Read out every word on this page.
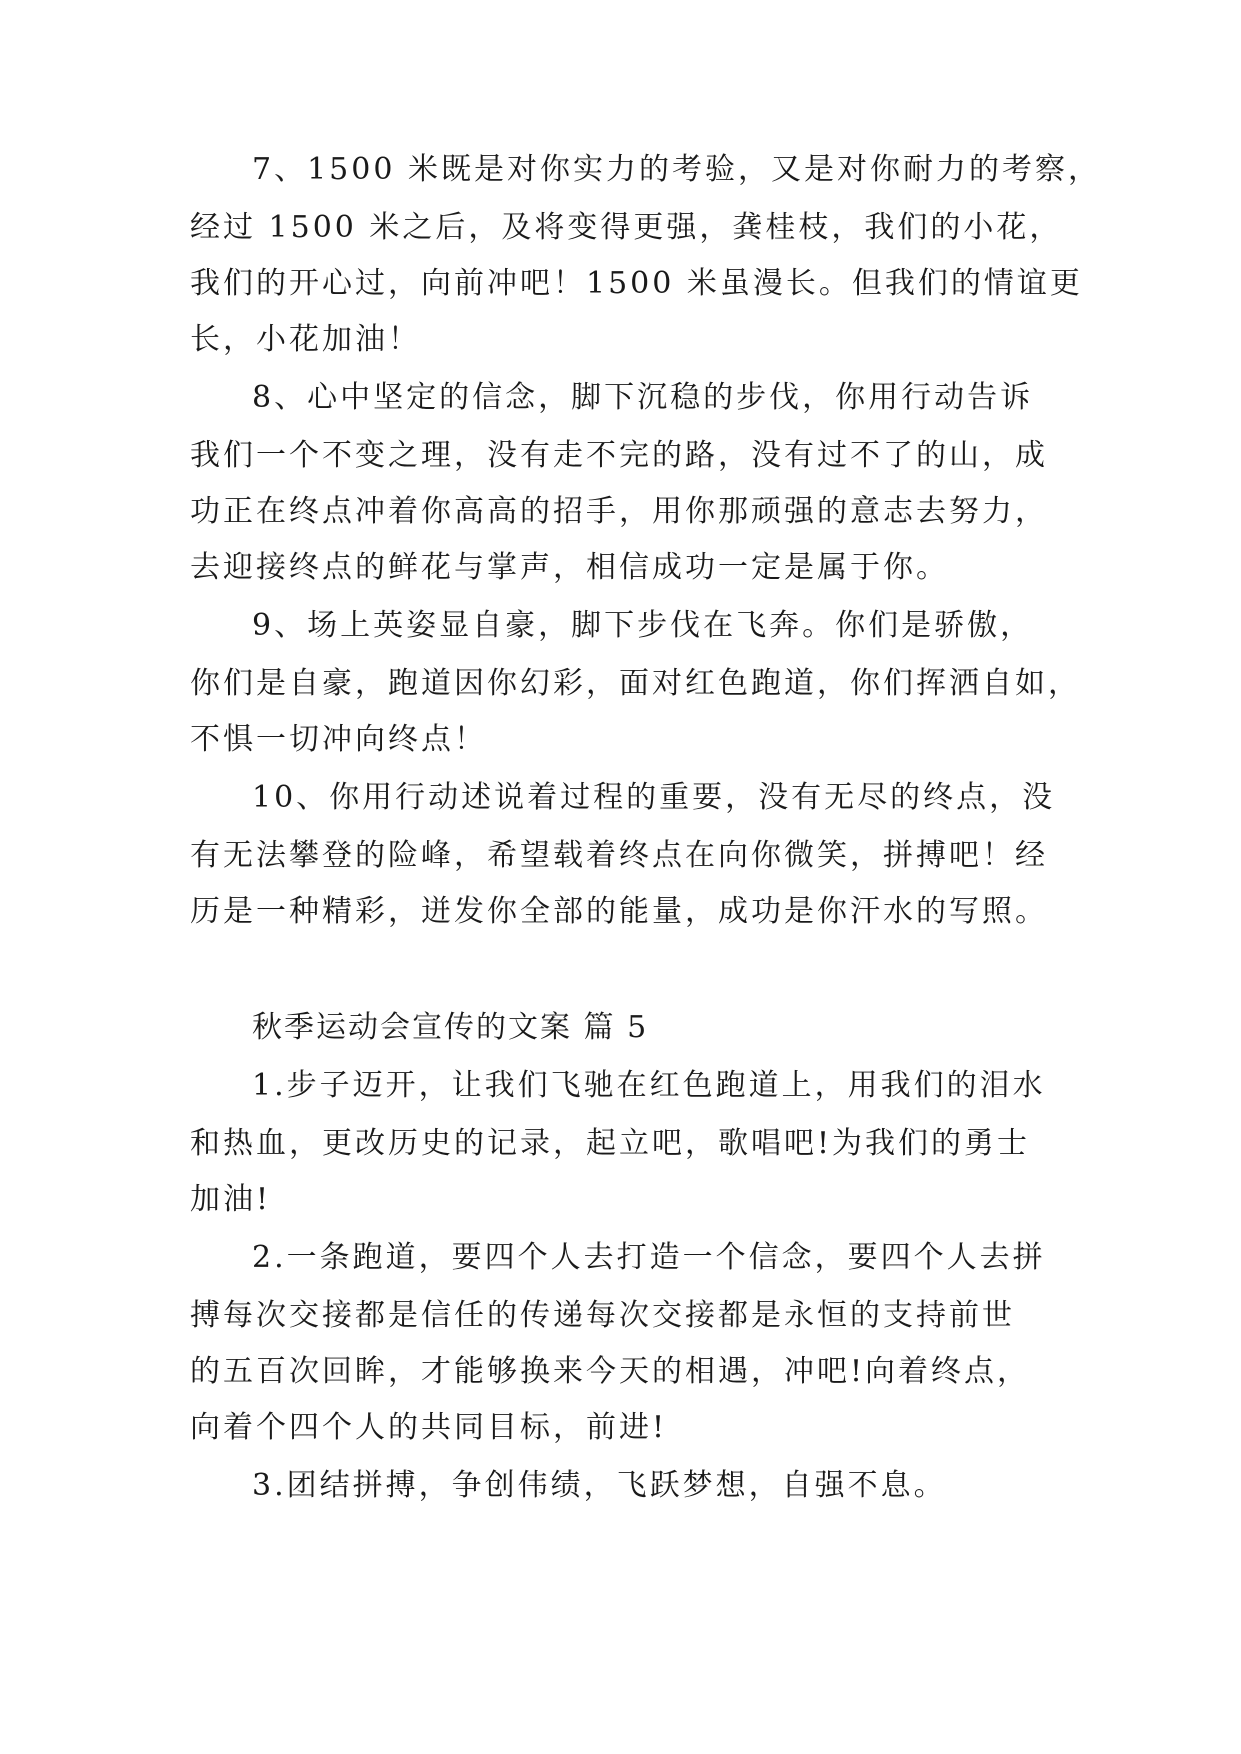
7、1500 米既是对你实力的考验，又是对你耐力的考察，
经过 1500 米之后，及将变得更强，龚桂枝，我们的小花，
我们的开心过，向前冲吧！1500 米虽漫长。但我们的情谊更
长，小花加油！
8、心中坚定的信念，脚下沉稳的步伐，你用行动告诉
我们一个不变之理，没有走不完的路，没有过不了的山，成
功正在终点冲着你高高的招手，用你那顽强的意志去努力，
去迎接终点的鲜花与掌声，相信成功一定是属于你。
9、场上英姿显自豪，脚下步伐在飞奔。你们是骄傲，
你们是自豪，跑道因你幻彩，面对红色跑道，你们挥洒自如，
不惧一切冲向终点！
10、你用行动述说着过程的重要，没有无尽的终点，没
有无法攀登的险峰，希望载着终点在向你微笑，拼搏吧！经
历是一种精彩，迸发你全部的能量，成功是你汗水的写照。
秋季运动会宣传的文案 篇 5
1.步子迈开，让我们飞驰在红色跑道上，用我们的泪水
和热血，更改历史的记录，起立吧，歌唱吧!为我们的勇士
加油!
2.一条跑道，要四个人去打造一个信念，要四个人去拼
搏每次交接都是信任的传递每次交接都是永恒的支持前世
的五百次回眸，才能够换来今天的相遇，冲吧!向着终点，
向着个四个人的共同目标，前进!
3.团结拼搏，争创伟绩，飞跃梦想，自强不息。
